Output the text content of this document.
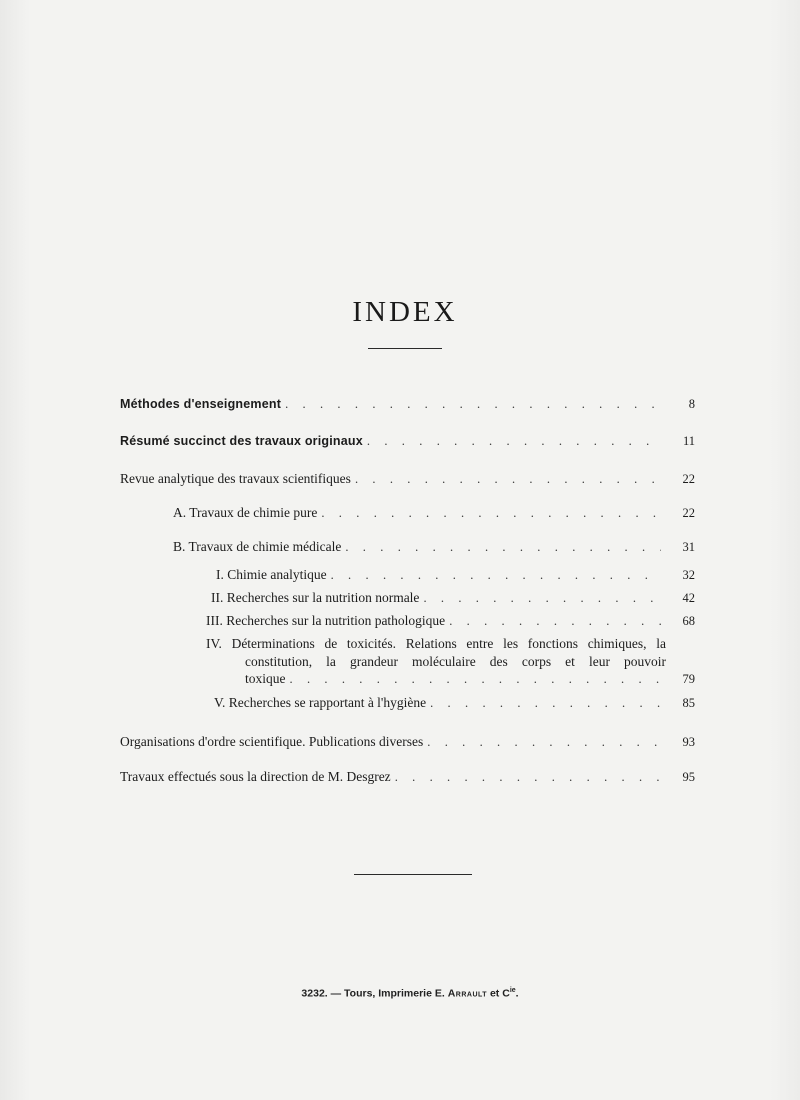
INDEX
Méthodes d'enseignement . . .	8
Résumé succinct des travaux originaux . . .	11
Revue analytique des travaux scientifiques . . .	22
A. Travaux de chimie pure . . .	22
B. Travaux de chimie médicale . . .	31
I. Chimie analytique . . .	32
II. Recherches sur la nutrition normale . . .	42
III. Recherches sur la nutrition pathologique . . .	68
IV. Déterminations de toxicités. Relations entre les fonctions chimiques, la
constitution, la grandeur moléculaire des corps et leur pouvoir
toxique . . .	79
V. Recherches se rapportant à l'hygiène . . .	85
Organisations d'ordre scientifique. Publications diverses . . .	93
Travaux effectués sous la direction de M. Desgrez . . .	95
3232. — Tours, Imprimerie E. Arrault et $C^{ie}$.
